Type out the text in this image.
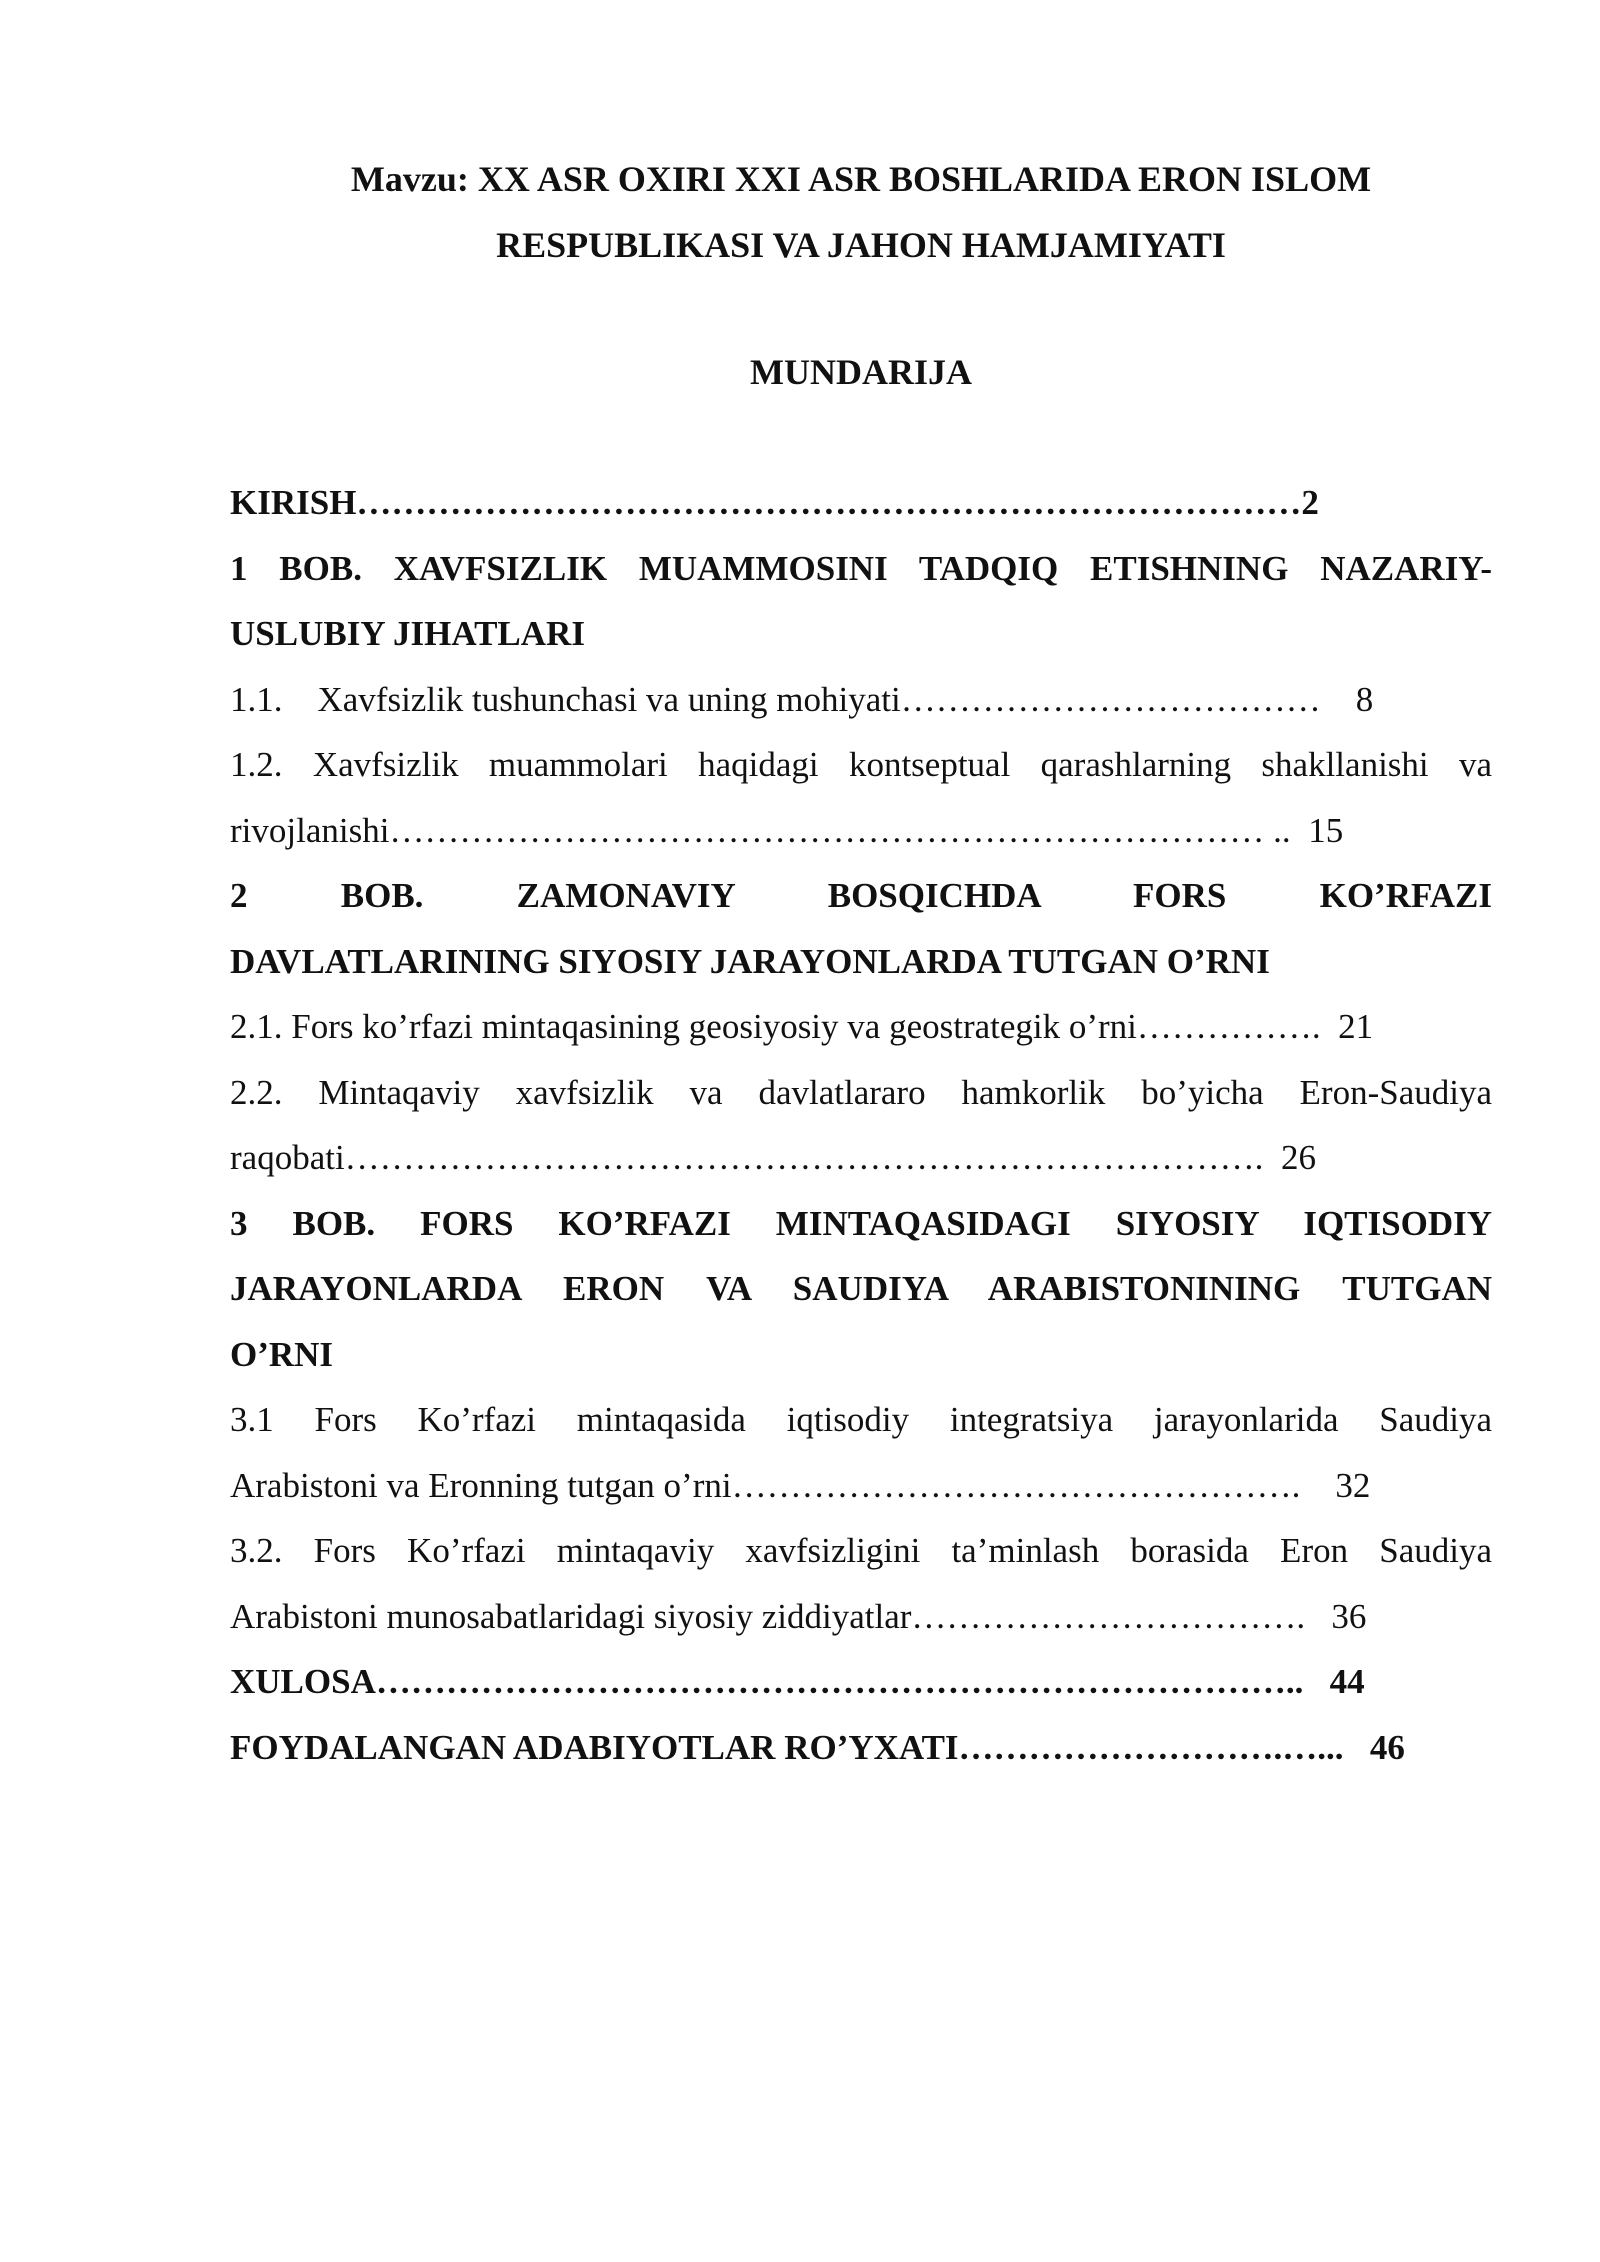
Mavzu: XX ASR OXIRI XXI ASR BOSHLARIDA ERON ISLOM
RESPUBLIKASI VA JAHON HAMJAMIYATI
MUNDARIJA
KIRISH………………………………………………………………………2
1 BOB. XAVFSIZLIK MUAMMOSINI TADQIQ ETISHNING NAZARIY-
USLUBIY JIHATLARI
1.1.    Xavfsizlik tushunchasi va uning mohiyati……………………………… 8
1.2. Xavfsizlik muammolari haqidagi kontseptual qarashlarning shakllanishi va
rivojlanishi………………………………………………………………… .. 15
2 BOB. ZAMONAVIY BOSQICHDA FORS KO’RFAZI
DAVLATLARINING SIYOSIY JARAYONLARDA TUTGAN O’RNI
2.1. Fors ko’rfazi mintaqasining geosiyosiy va geostrategik o’rni……………. 21
2.2. Mintaqaviy xavfsizlik va davlatlararo hamkorlik bo’yicha Eron-Saudiya
raqobati……………………………………………………………………. 26
3 BOB. FORS KO’RFAZI MINTAQASIDAGI SIYOSIY IQTISODIY
JARAYONLARDA ERON VA SAUDIYA ARABISTONINING TUTGAN
O’RNI
3.1 Fors Ko’rfazi mintaqasida iqtisodiy integratsiya jarayonlarida Saudiya
Arabistoni va Eronning tutgan o’rni…………………………………………. 32
3.2. Fors Ko’rfazi mintaqaviy xavfsizligini ta’minlash borasida Eron Saudiya
Arabistoni munosabatlaridagi siyosiy ziddiyatlar……………………………. 36
XULOSA…………………………………………………………………….. 44
FOYDALANGAN ADABIYOTLAR RO’YXATI……………………….…... 46
